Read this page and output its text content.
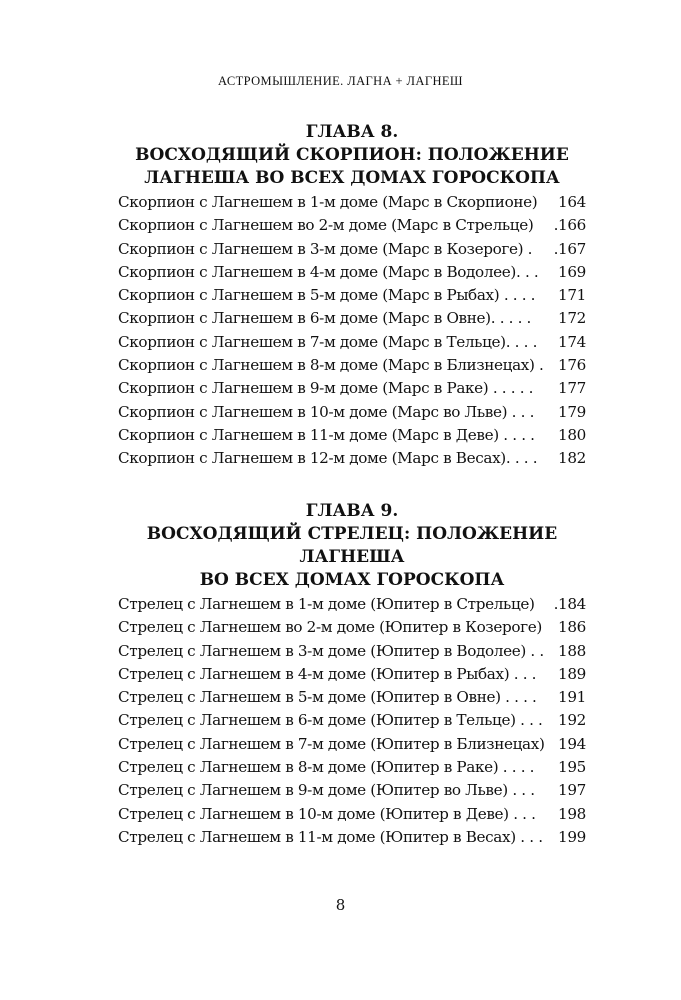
АСТРОМЫШЛЕНИЕ. ЛАГНА + ЛАГНЕШ
ГЛАВА 8.
ВОСХОДЯЩИЙ СКОРПИОН: ПОЛОЖЕНИЕ
ЛАГНЕША ВО ВСЕХ ДОМАХ ГОРОСКОПА
Скорпион с Лагнешем в 1-м доме (Марс в Скорпионе) 164
Скорпион с Лагнешем во 2-м доме (Марс в Стрельце) .166
Скорпион с Лагнешем в 3-м доме (Марс в Козероге) . .167
Скорпион с Лагнешем в 4-м доме (Марс в Водолее). . . 169
Скорпион с Лагнешем в 5-м доме (Марс в Рыбах) . . . . 171
Скорпион с Лагнешем в 6-м доме (Марс в Овне). . . . . 172
Скорпион с Лагнешем в 7-м доме (Марс в Тельце). . . . 174
Скорпион с Лагнешем в 8-м доме (Марс в Близнецах) . 176
Скорпион с Лагнешем в 9-м доме (Марс в Раке) . . . . . 177
Скорпион с Лагнешем в 10-м доме (Марс во Льве) . . . 179
Скорпион с Лагнешем в 11-м доме (Марс в Деве) . . . . 180
Скорпион с Лагнешем в 12-м доме (Марс в Весах). . . . 182
ГЛАВА 9.
ВОСХОДЯЩИЙ СТРЕЛЕЦ: ПОЛОЖЕНИЕ ЛАГНЕША
ВО ВСЕХ ДОМАХ ГОРОСКОПА
Стрелец с Лагнешем в 1-м доме (Юпитер в Стрельце) .184
Стрелец с Лагнешем во 2-м доме (Юпитер в Козероге) 186
Стрелец с Лагнешем в 3-м доме (Юпитер в Водолее) . . 188
Стрелец с Лагнешем в 4-м доме (Юпитер в Рыбах) . . . 189
Стрелец с Лагнешем в 5-м доме (Юпитер в Овне) . . . . 191
Стрелец с Лагнешем в 6-м доме (Юпитер в Тельце) . . . 192
Стрелец с Лагнешем в 7-м доме (Юпитер в Близнецах) 194
Стрелец с Лагнешем в 8-м доме (Юпитер в Раке) . . . . 195
Стрелец с Лагнешем в 9-м доме (Юпитер во Льве) . . . 197
Стрелец с Лагнешем в 10-м доме (Юпитер в Деве) . . . 198
Стрелец с Лагнешем в 11-м доме (Юпитер в Весах) . . . 199
8
